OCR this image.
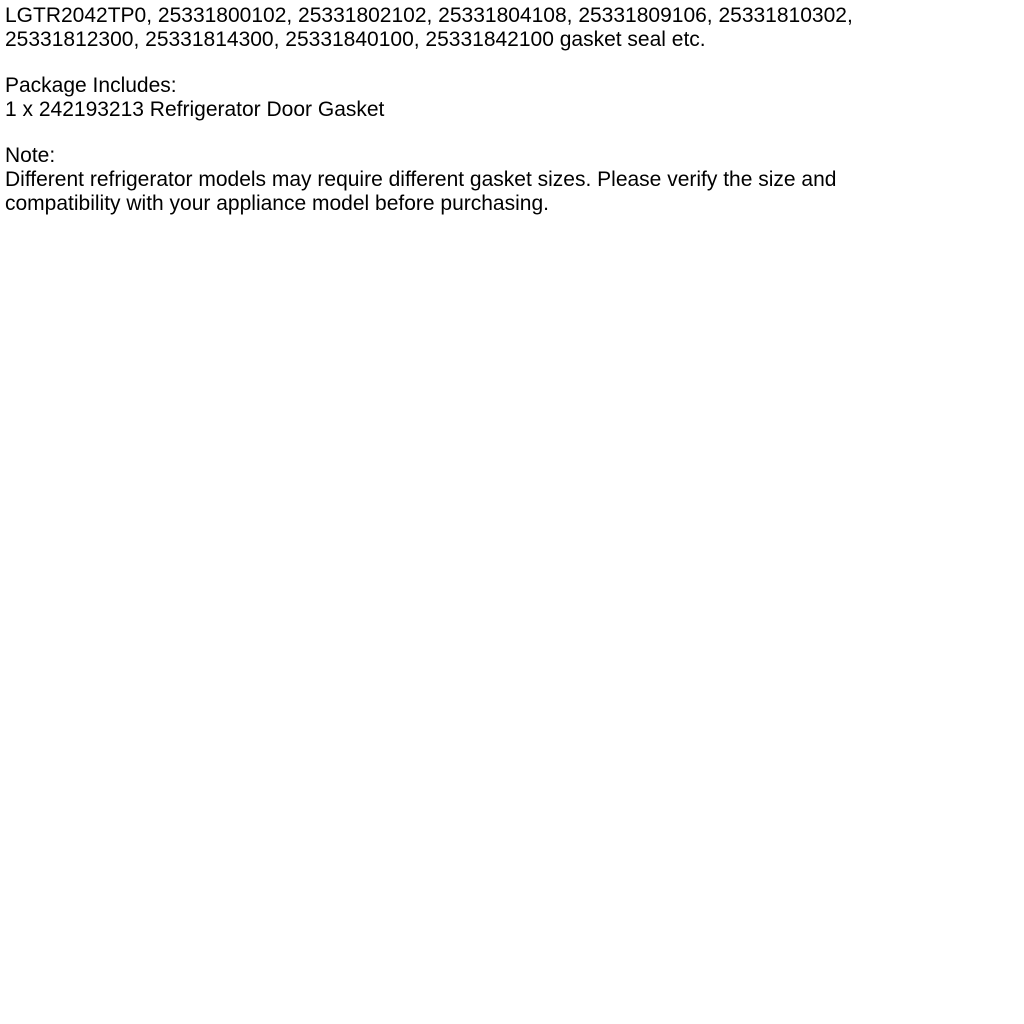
LGTR2042TP0, 25331800102, 25331802102, 25331804108, 25331809106, 25331810302,
25331812300, 25331814300, 25331840100, 25331842100 gasket seal etc.
Package Includes:
1 x 242193213 Refrigerator Door Gasket
Note:
Different refrigerator models may require different gasket sizes. Please verify the size and
compatibility with your appliance model before purchasing.
